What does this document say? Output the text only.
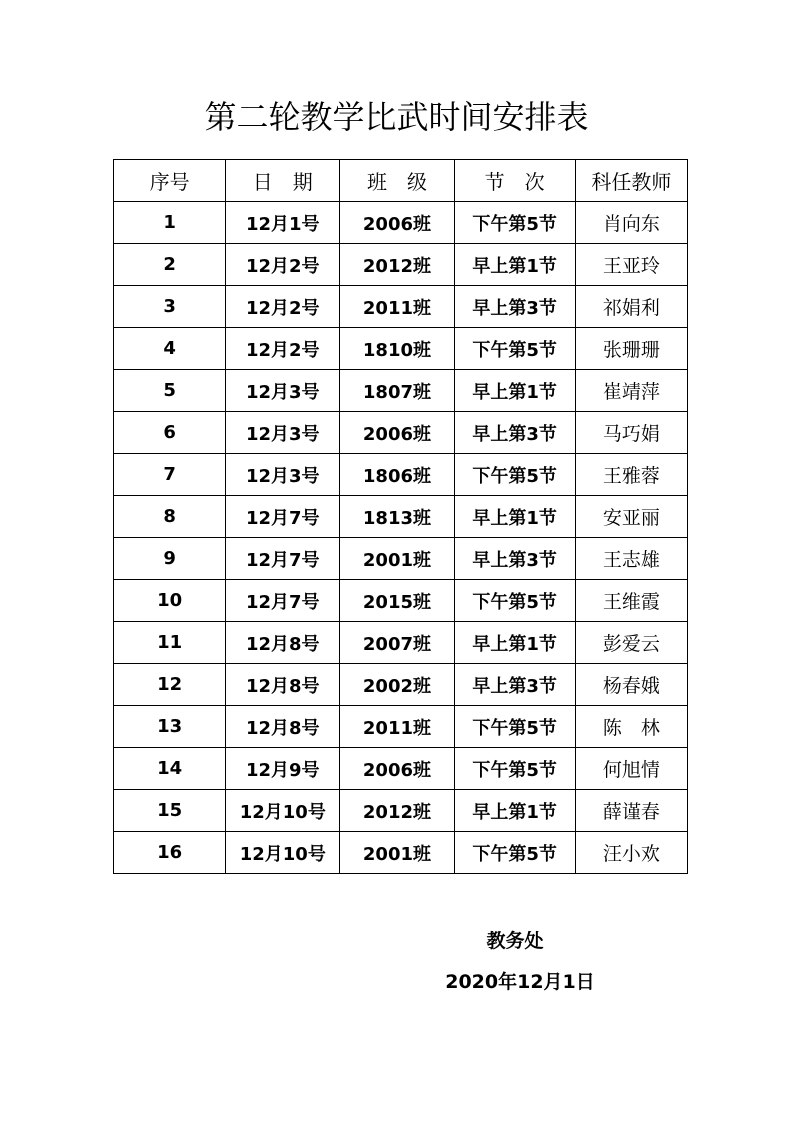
第二轮教学比武时间安排表
序号	日　期	班　级	节　次	科任教师
1	12月1号	2006班	下午第5节	肖向东
2	12月2号	2012班	早上第1节	王亚玲
3	12月2号	2011班	早上第3节	祁娟利
4	12月2号	1810班	下午第5节	张珊珊
5	12月3号	1807班	早上第1节	崔靖萍
6	12月3号	2006班	早上第3节	马巧娟
7	12月3号	1806班	下午第5节	王雅蓉
8	12月7号	1813班	早上第1节	安亚丽
9	12月7号	2001班	早上第3节	王志雄
10	12月7号	2015班	下午第5节	王维霞
11	12月8号	2007班	早上第1节	彭爱云
12	12月8号	2002班	早上第3节	杨春娥
13	12月8号	2011班	下午第5节	陈　林
14	12月9号	2006班	下午第5节	何旭情
15	12月10号	2012班	早上第1节	薛谨春
16	12月10号	2001班	下午第5节	汪小欢
教务处
2020年12月1日
